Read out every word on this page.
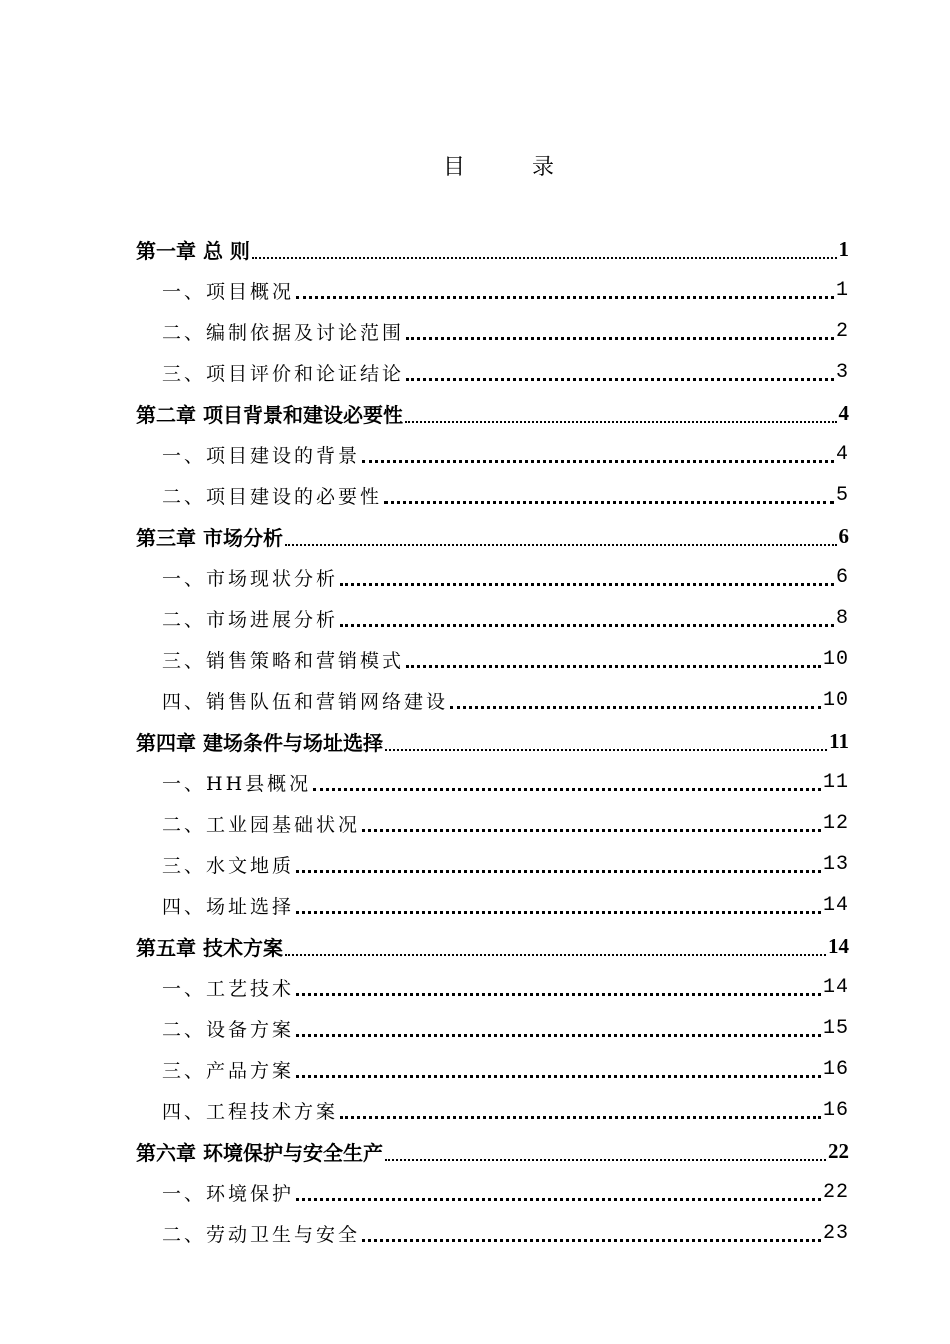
目 录
第一章 总 则	1
一、项目概况	1
二、编制依据及讨论范围	2
三、项目评价和论证结论	3
第二章 项目背景和建设必要性	4
一、项目建设的背景	4
二、项目建设的必要性	5
第三章 市场分析	6
一、市场现状分析	6
二、市场进展分析	8
三、销售策略和营销模式	10
四、销售队伍和营销网络建设	10
第四章 建场条件与场址选择	11
一、HH县概况	11
二、工业园基础状况	12
三、水文地质	13
四、场址选择	14
第五章 技术方案	14
一、工艺技术	14
二、设备方案	15
三、产品方案	16
四、工程技术方案	16
第六章 环境保护与安全生产	22
一、环境保护	22
二、劳动卫生与安全	23
